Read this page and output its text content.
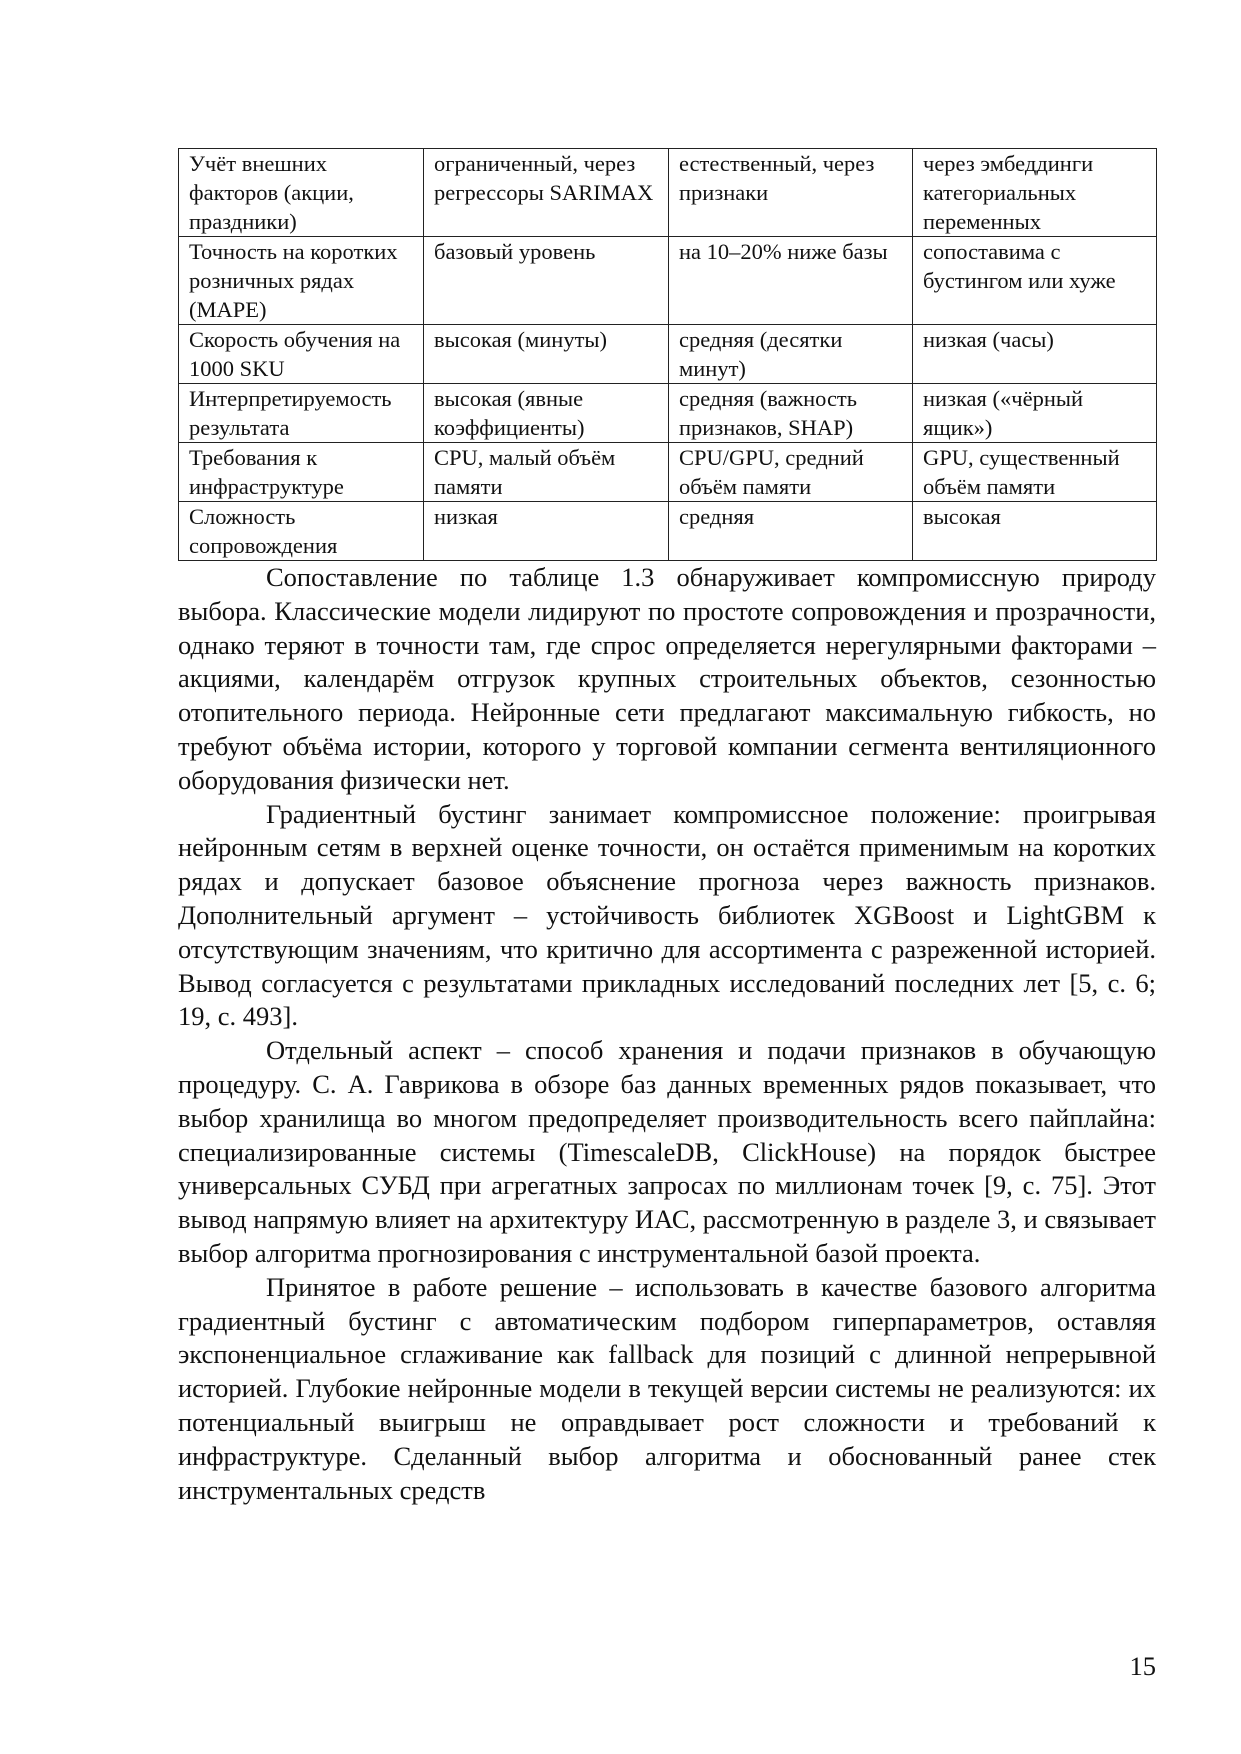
Учёт внешних факторов (акции, праздники)	ограниченный, через регрессоры SARIMAX	естественный, через признаки	через эмбеддинги категориальных переменных
Точность на коротких розничных рядах (MAPE)	базовый уровень	на 10–20% ниже базы	сопоставима с бустингом или хуже
Скорость обучения на 1000 SKU	высокая (минуты)	средняя (десятки минут)	низкая (часы)
Интерпретируемость результата	высокая (явные коэффициенты)	средняя (важность признаков, SHAP)	низкая («чёрный ящик»)
Требования к инфраструктуре	CPU, малый объём памяти	CPU/GPU, средний объём памяти	GPU, существенный объём памяти
Сложность сопровождения	низкая	средняя	высокая

Сопоставление по таблице 1.3 обнаруживает компромиссную природу выбора. Классические модели лидируют по простоте сопровождения и прозрачности, однако теряют в точности там, где спрос определяется нерегулярными факторами – акциями, календарём отгрузок крупных строительных объектов, сезонностью отопительного периода. Нейронные сети предлагают максимальную гибкость, но требуют объёма истории, которого у торговой компании сегмента вентиляционного оборудования физически нет.

Градиентный бустинг занимает компромиссное положение: проигрывая нейронным сетям в верхней оценке точности, он остаётся применимым на коротких рядах и допускает базовое объяснение прогноза через важность признаков. Дополнительный аргумент – устойчивость библиотек XGBoost и LightGBM к отсутствующим значениям, что критично для ассортимента с разреженной историей. Вывод согласуется с результатами прикладных исследований последних лет [5, с. 6; 19, с. 493].

Отдельный аспект – способ хранения и подачи признаков в обучающую процедуру. С. А. Гаврикова в обзоре баз данных временных рядов показывает, что выбор хранилища во многом предопределяет производительность всего пайплайна: специализированные системы (TimescaleDB, ClickHouse) на порядок быстрее универсальных СУБД при агрегатных запросах по миллионам точек [9, с. 75]. Этот вывод напрямую влияет на архитектуру ИАС, рассмотренную в разделе 3, и связывает выбор алгоритма прогнозирования с инструментальной базой проекта.

Принятое в работе решение – использовать в качестве базового алгоритма градиентный бустинг с автоматическим подбором гиперпараметров, оставляя экспоненциальное сглаживание как fallback для позиций с длинной непрерывной историей. Глубокие нейронные модели в текущей версии системы не реализуются: их потенциальный выигрыш не оправдывает рост сложности и требований к инфраструктуре. Сделанный выбор алгоритма и обоснованный ранее стек инструментальных средств

15
